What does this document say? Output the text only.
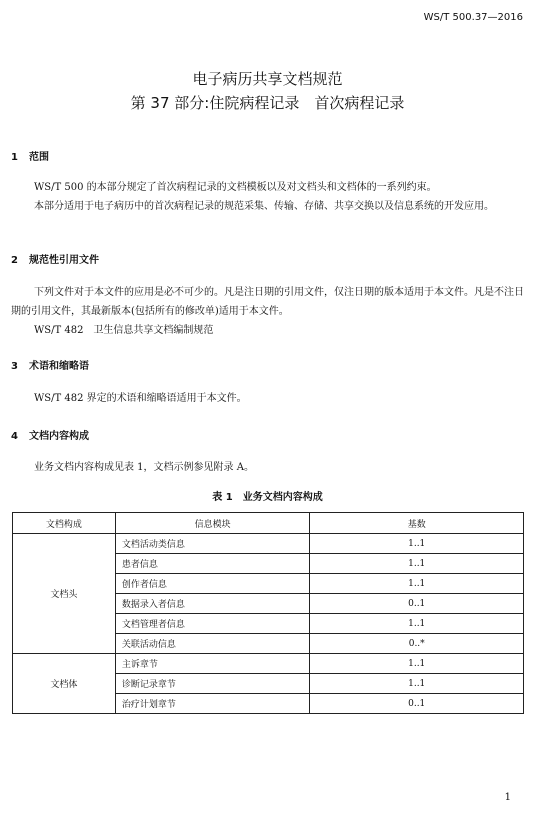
WS/T 500.37—2016
电子病历共享文档规范
第 37 部分:住院病程记录　首次病程记录
1 范围
WS/T 500 的本部分规定了首次病程记录的文档模板以及对文档头和文档体的一系列约束。
本部分适用于电子病历中的首次病程记录的规范采集、传输、存储、共享交换以及信息系统的开发应用。
2 规范性引用文件
下列文件对于本文件的应用是必不可少的。凡是注日期的引用文件，仅注日期的版本适用于本文件。凡是不注日期的引用文件，其最新版本(包括所有的修改单)适用于本文件。
WS/T 482　卫生信息共享文档编制规范
3 术语和缩略语
WS/T 482 界定的术语和缩略语适用于本文件。
4 文档内容构成
业务文档内容构成见表 1，文档示例参见附录 A。
表 1　业务文档内容构成
文档构成	信息模块	基数
文档头	文档活动类信息	1..1
	患者信息	1..1
	创作者信息	1..1
	数据录入者信息	0..1
	文档管理者信息	1..1
	关联活动信息	0..*
文档体	主诉章节	1..1
	诊断记录章节	1..1
	治疗计划章节	0..1
1
